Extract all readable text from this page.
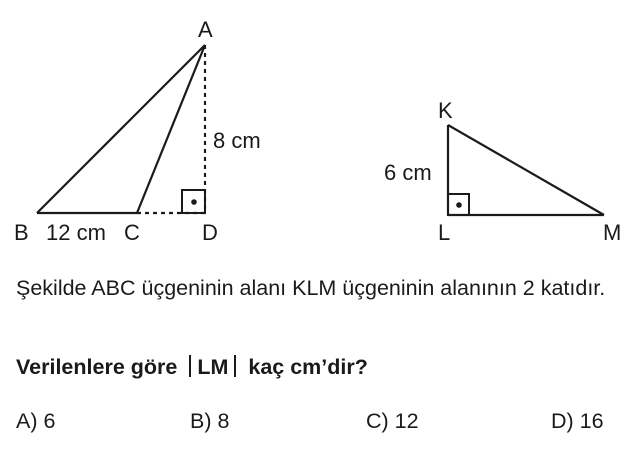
A
B	C	D
8 cm
12 cm
K
L	M
6 cm
Şekilde ABC üçgeninin alanı KLM üçgeninin alanının 2 katıdır.
Verilenlere göre LM kaç cm’dir?
A) 6	B) 8	C) 12	D) 16
